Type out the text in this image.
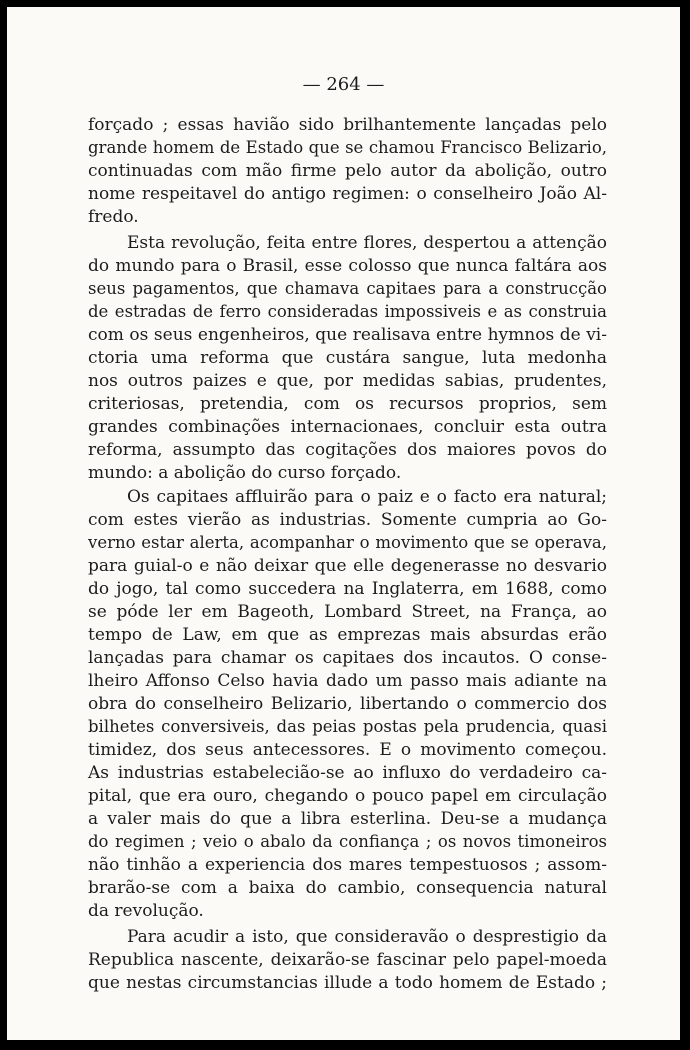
— 264 —

forçado ; essas havião sido brilhantemente lançadas pelo

grande homem de Estado que se chamou Francisco Belizario,

continuadas com mão firme pelo autor da abolição, outro

nome respeitavel do antigo regimen: o conselheiro João Al-

fredo.

Esta revolução, feita entre flores, despertou a attenção

do mundo para o Brasil, esse colosso que nunca faltára aos

seus pagamentos, que chamava capitaes para a construcção

de estradas de ferro consideradas impossiveis e as construia

com os seus engenheiros, que realisava entre hymnos de vi-

ctoria uma reforma que custára sangue, luta medonha

nos outros paizes e que, por medidas sabias, prudentes,

criteriosas, pretendia, com os recursos proprios, sem

grandes combinações internacionaes, concluir esta outra

reforma, assumpto das cogitações dos maiores povos do

mundo: a abolição do curso forçado.

Os capitaes affluirão para o paiz e o facto era natural;

com estes vierão as industrias. Somente cumpria ao Go-

verno estar alerta, acompanhar o movimento que se operava,

para guial-o e não deixar que elle degenerasse no desvario

do jogo, tal como succedera na Inglaterra, em 1688, como

se póde ler em Bageoth, Lombard Street, na França, ao

tempo de Law, em que as emprezas mais absurdas erão

lançadas para chamar os capitaes dos incautos. O conse-

lheiro Affonso Celso havia dado um passo mais adiante na

obra do conselheiro Belizario, libertando o commercio dos

bilhetes conversiveis, das peias postas pela prudencia, quasi

timidez, dos seus antecessores. E o movimento começou.

As industrias estabelecião-se ao influxo do verdadeiro ca-

pital, que era ouro, chegando o pouco papel em circulação

a valer mais do que a libra esterlina. Deu-se a mudança

do regimen ; veio o abalo da confiança ; os novos timoneiros

não tinhão a experiencia dos mares tempestuosos ; assom-

brarão-se com a baixa do cambio, consequencia natural

da revolução.

Para acudir a isto, que consideravão o desprestigio da

Republica nascente, deixarão-se fascinar pelo papel-moeda

que nestas circumstancias illude a todo homem de Estado ;
